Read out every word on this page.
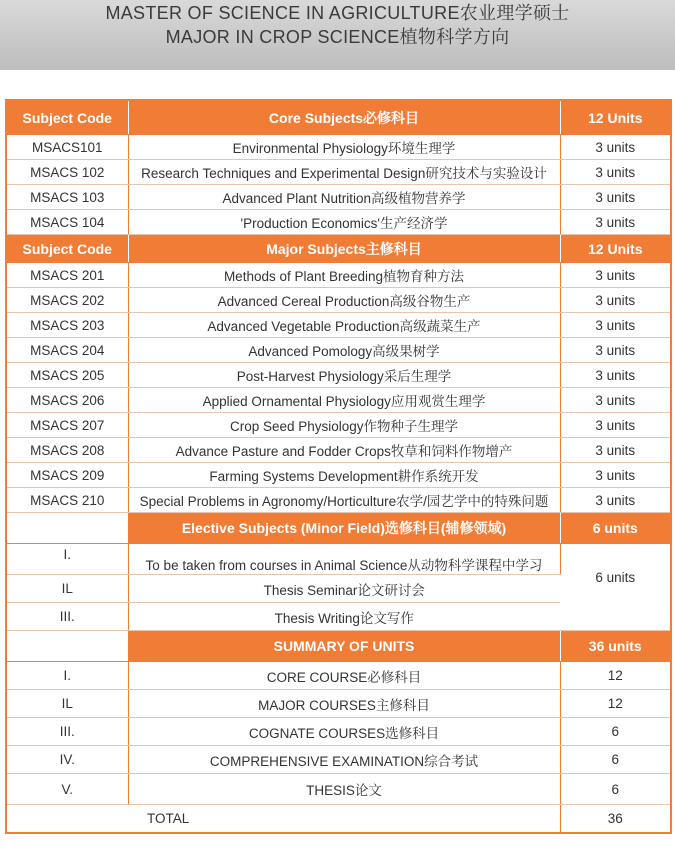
MASTER OF SCIENCE IN AGRICULTURE农业理学硕士
MAJOR IN CROP SCIENCE植物科学方向
Subject Code	Core Subjects必修科目	12 Units
MSACS101	Environmental Physiology环境生理学	3 units
MSACS 102	Research Techniques and Experimental Design研究技术与实验设计	3 units
MSACS 103	Advanced Plant Nutrition高级植物营养学	3 units
MSACS 104	'Production Economics'生产经济学	3 units
Subject Code	Major Subjects主修科目	12 Units
MSACS 201	Methods of Plant Breeding植物育种方法	3 units
MSACS 202	Advanced Cereal Production高级谷物生产	3 units
MSACS 203	Advanced Vegetable Production高级蔬菜生产	3 units
MSACS 204	Advanced Pomology高级果树学	3 units
MSACS 205	Post-Harvest Physiology采后生理学	3 units
MSACS 206	Applied Ornamental Physiology应用观赏生理学	3 units
MSACS 207	Crop Seed Physiology作物种子生理学	3 units
MSACS 208	Advance Pasture and Fodder Crops牧草和饲料作物增产	3 units
MSACS 209	Farming Systems Development耕作系统开发	3 units
MSACS 210	Special Problems in Agronomy/Horticulture农学/园艺学中的特殊问题	3 units
	Elective Subjects (Minor Field)选修科目(辅修领域)	6 units
I.	To be taken from courses in Animal Science从动物科学课程中学习	6 units
IL	Thesis Seminar论文研讨会	
III.	Thesis Writing论文写作	
	SUMMARY OF UNITS	36 units
I.	CORE COURSE必修科目	12
IL	MAJOR COURSES主修科目	12
III.	COGNATE COURSES选修科目	6
IV.	COMPREHENSIVE EXAMINATION综合考试	6
V.	THESIS论文	6
TOTAL		36
